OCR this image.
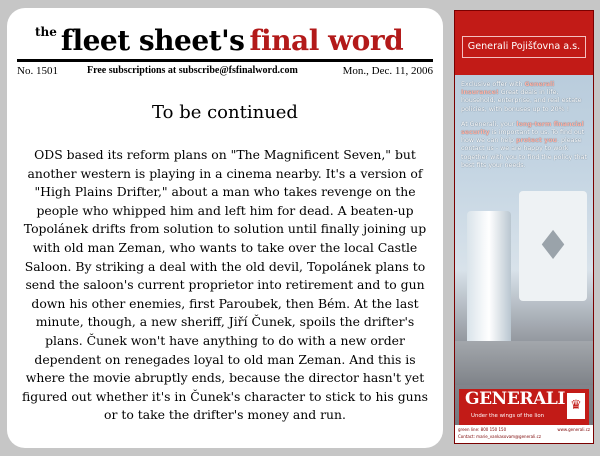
$^{the}$ fleet sheet's final word
No. 1501	Free subscriptions at subscribe@fsfinalword.com	Mon., Dec. 11, 2006
To be continued

ODS based its reform plans on "The Magnificent Seven," but another western is playing in a cinema nearby. It's a version of "High Plains Drifter," about a man who takes revenge on the people who whipped him and left him for dead. A beaten-up Topolánek drifts from solution to solution until finally joining up with old man Zeman, who wants to take over the local Castle Saloon. By striking a deal with the old devil, Topolánek plans to send the saloon's current proprietor into retirement and to gun down his other enemies, first Paroubek, then Bém. At the last minute, though, a new sheriff, Jiří Čunek, spoils the drifter's plans. Čunek won't have anything to do with a new order dependent on renegades loyal to old man Zeman. And this is where the movie abruptly ends, because the director hasn't yet figured out whether it's in Čunek's character to stick to his guns or to take the drifter's money and run.

Generali Pojišťovna a.s.
♦

Exclusive offer with Generali Insurance! Great deals in life, household, enterprise, and real estate policies, with bonuses up to 20% !

At Generali, your long-term financial security is important to us. To find out how we can help protect you, please contact us - we are happy to work together with you to find the policy that best fits your needs.

GENERALI
Under the wings of the lion
♛
green line: 800 150 150	www.generali.cz
Contact: marie_vankasovam@generali.cz
